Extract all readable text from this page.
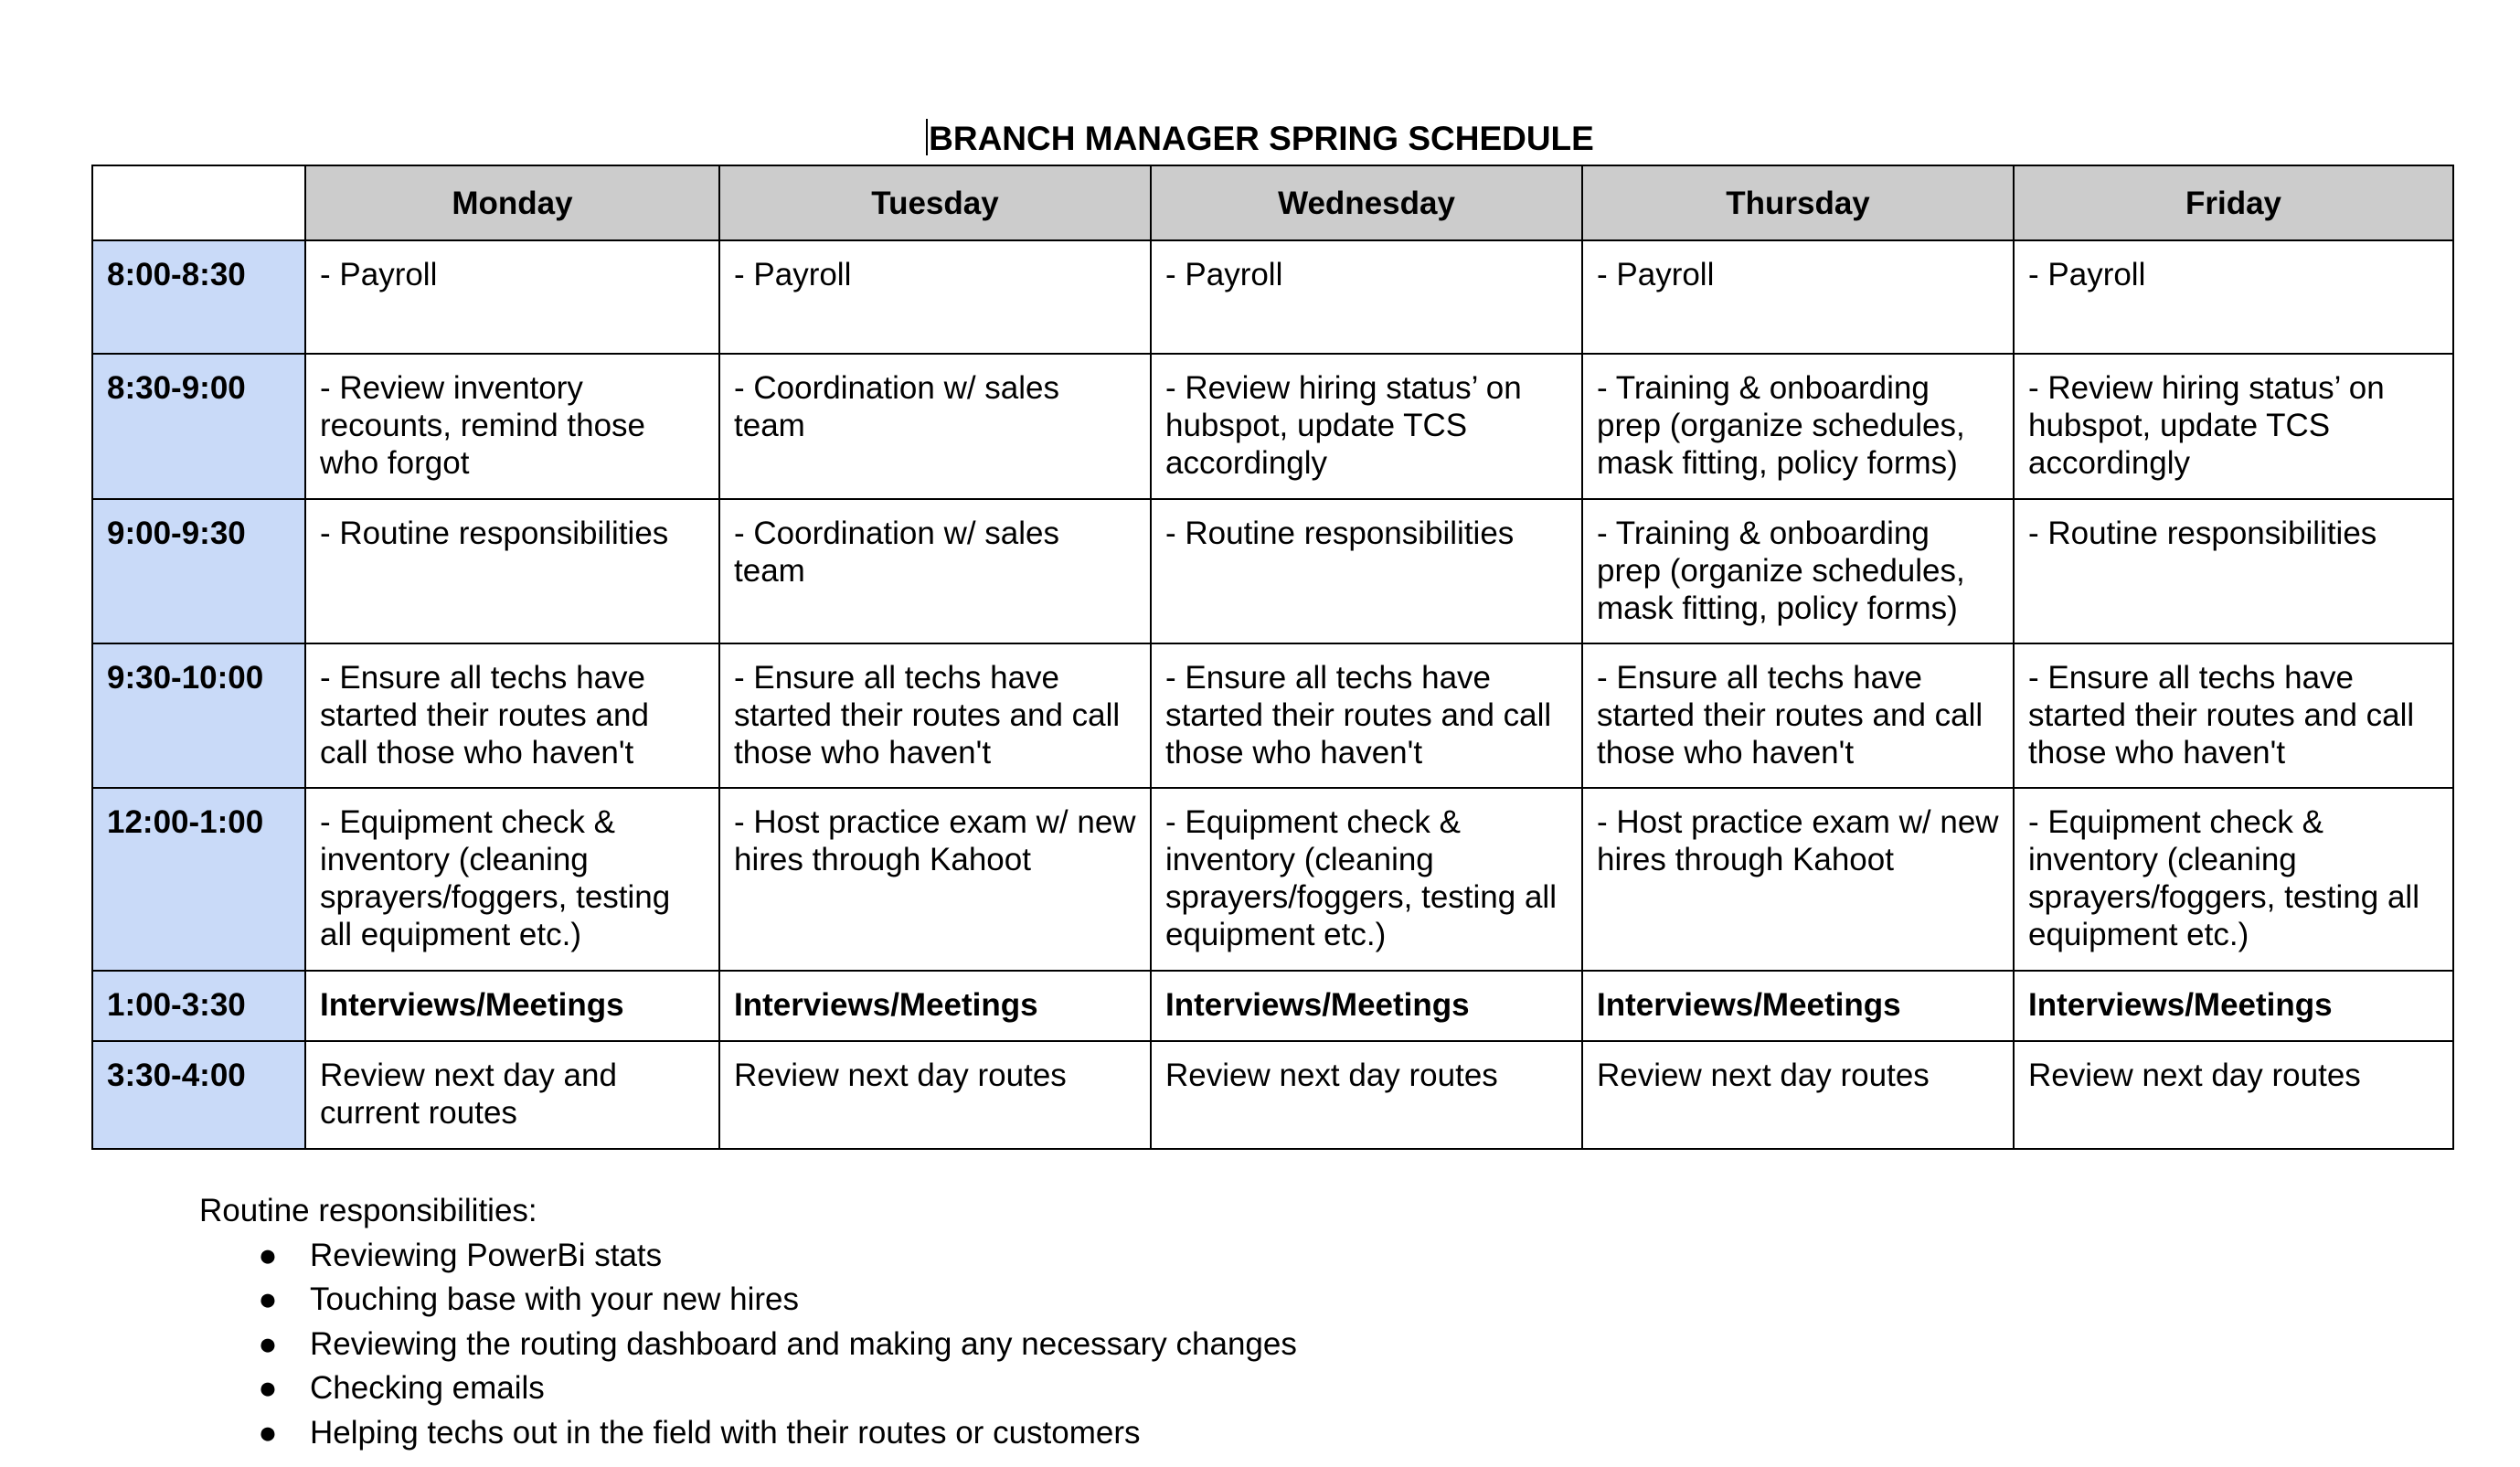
BRANCH MANAGER SPRING SCHEDULE
	Monday	Tuesday	Wednesday	Thursday	Friday
8:00-8:30	- Payroll	- Payroll	- Payroll	- Payroll	- Payroll
8:30-9:00	- Review inventory recounts, remind those who forgot	- Coordination w/ sales team	- Review hiring status’ on hubspot, update TCS accordingly	- Training & onboarding prep (organize schedules, mask fitting, policy forms)	- Review hiring status’ on hubspot, update TCS accordingly
9:00-9:30	- Routine responsibilities	- Coordination w/ sales team	- Routine responsibilities	- Training & onboarding prep (organize schedules, mask fitting, policy forms)	- Routine responsibilities
9:30-10:00	- Ensure all techs have started their routes and call those who haven't	- Ensure all techs have started their routes and call those who haven't	- Ensure all techs have started their routes and call those who haven't	- Ensure all techs have started their routes and call those who haven't	- Ensure all techs have started their routes and call those who haven't
12:00-1:00	- Equipment check & inventory (cleaning sprayers/foggers, testing all equipment etc.)	- Host practice exam w/ new hires through Kahoot	- Equipment check & inventory (cleaning sprayers/foggers, testing all equipment etc.)	- Host practice exam w/ new hires through Kahoot	- Equipment check & inventory (cleaning sprayers/foggers, testing all equipment etc.)
1:00-3:30	Interviews/Meetings	Interviews/Meetings	Interviews/Meetings	Interviews/Meetings	Interviews/Meetings
3:30-4:00	Review next day and current routes	Review next day routes	Review next day routes	Review next day routes	Review next day routes
Routine responsibilities:
● Reviewing PowerBi stats
● Touching base with your new hires
● Reviewing the routing dashboard and making any necessary changes
● Checking emails
● Helping techs out in the field with their routes or customers
